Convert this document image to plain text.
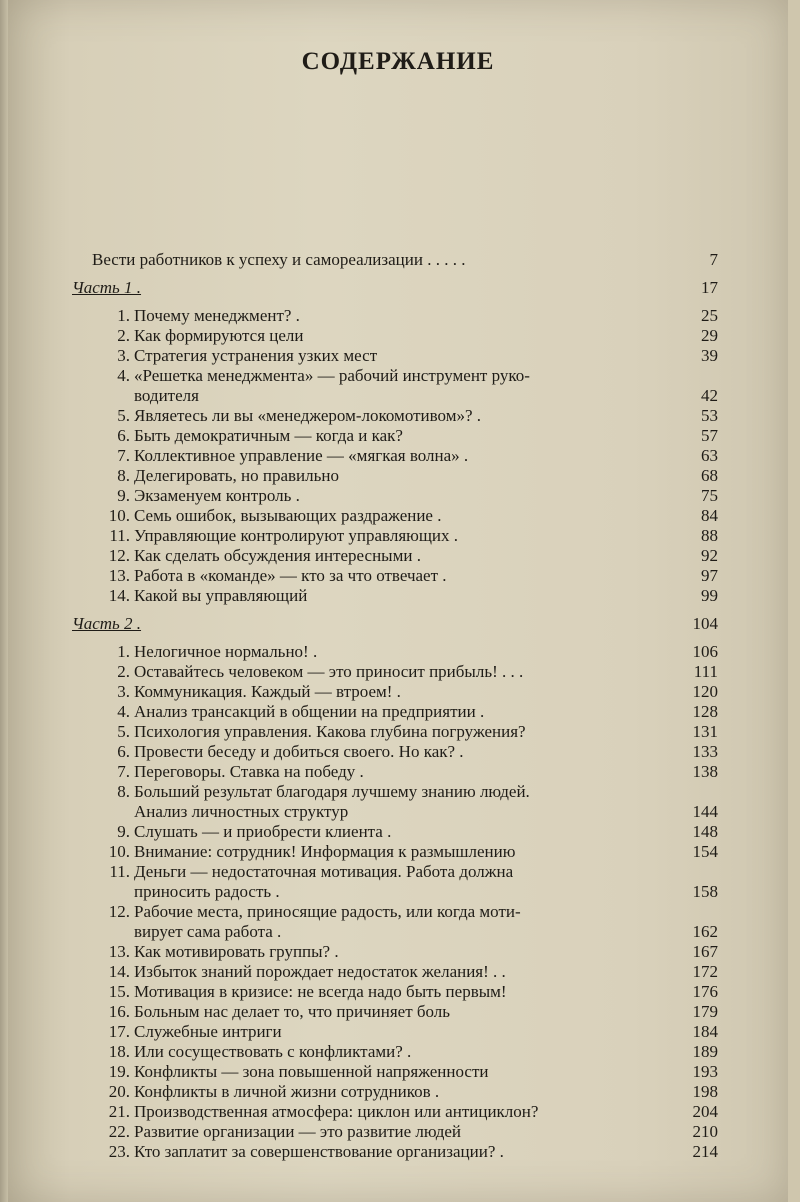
СОДЕРЖАНИЕ
Вести работников к успеху и самореализации . . . . .	7
Часть 1 .	17
1. Почему менеджмент? .	25
2. Как формируются цели	29
3. Стратегия устранения узких мест	39
4. «Решетка менеджмента» — рабочий инструмент руко-
водителя	42
5. Являетесь ли вы «менеджером-локомотивом»? .	53
6. Быть демократичным — когда и как?	57
7. Коллективное управление — «мягкая волна» .	63
8. Делегировать, но правильно	68
9. Экзаменуем контроль .	75
10. Семь ошибок, вызывающих раздражение .	84
11. Управляющие контролируют управляющих .	88
12. Как сделать обсуждения интересными .	92
13. Работа в «команде» — кто за что отвечает .	97
14. Какой вы управляющий	99
Часть 2 .	104
1. Нелогичное нормально! .	106
2. Оставайтесь человеком — это приносит прибыль! . . .	111
3. Коммуникация. Каждый — втроем! .	120
4. Анализ трансакций в общении на предприятии .	128
5. Психология управления. Какова глубина погружения?	131
6. Провести беседу и добиться своего. Но как? .	133
7. Переговоры. Ставка на победу .	138
8. Больший результат благодаря лучшему знанию людей.
Анализ личностных структур	144
9. Слушать — и приобрести клиента .	148
10. Внимание: сотрудник! Информация к размышлению	154
11. Деньги — недостаточная мотивация. Работа должна
приносить радость .	158
12. Рабочие места, приносящие радость, или когда моти-
вирует сама работа .	162
13. Как мотивировать группы? .	167
14. Избыток знаний порождает недостаток желания! . .	172
15. Мотивация в кризисе: не всегда надо быть первым!	176
16. Больным нас делает то, что причиняет боль	179
17. Служебные интриги	184
18. Или сосуществовать с конфликтами? .	189
19. Конфликты — зона повышенной напряженности	193
20. Конфликты в личной жизни сотрудников .	198
21. Производственная атмосфера: циклон или антициклон?	204
22. Развитие организации — это развитие людей	210
23. Кто заплатит за совершенствование организации? .	214
